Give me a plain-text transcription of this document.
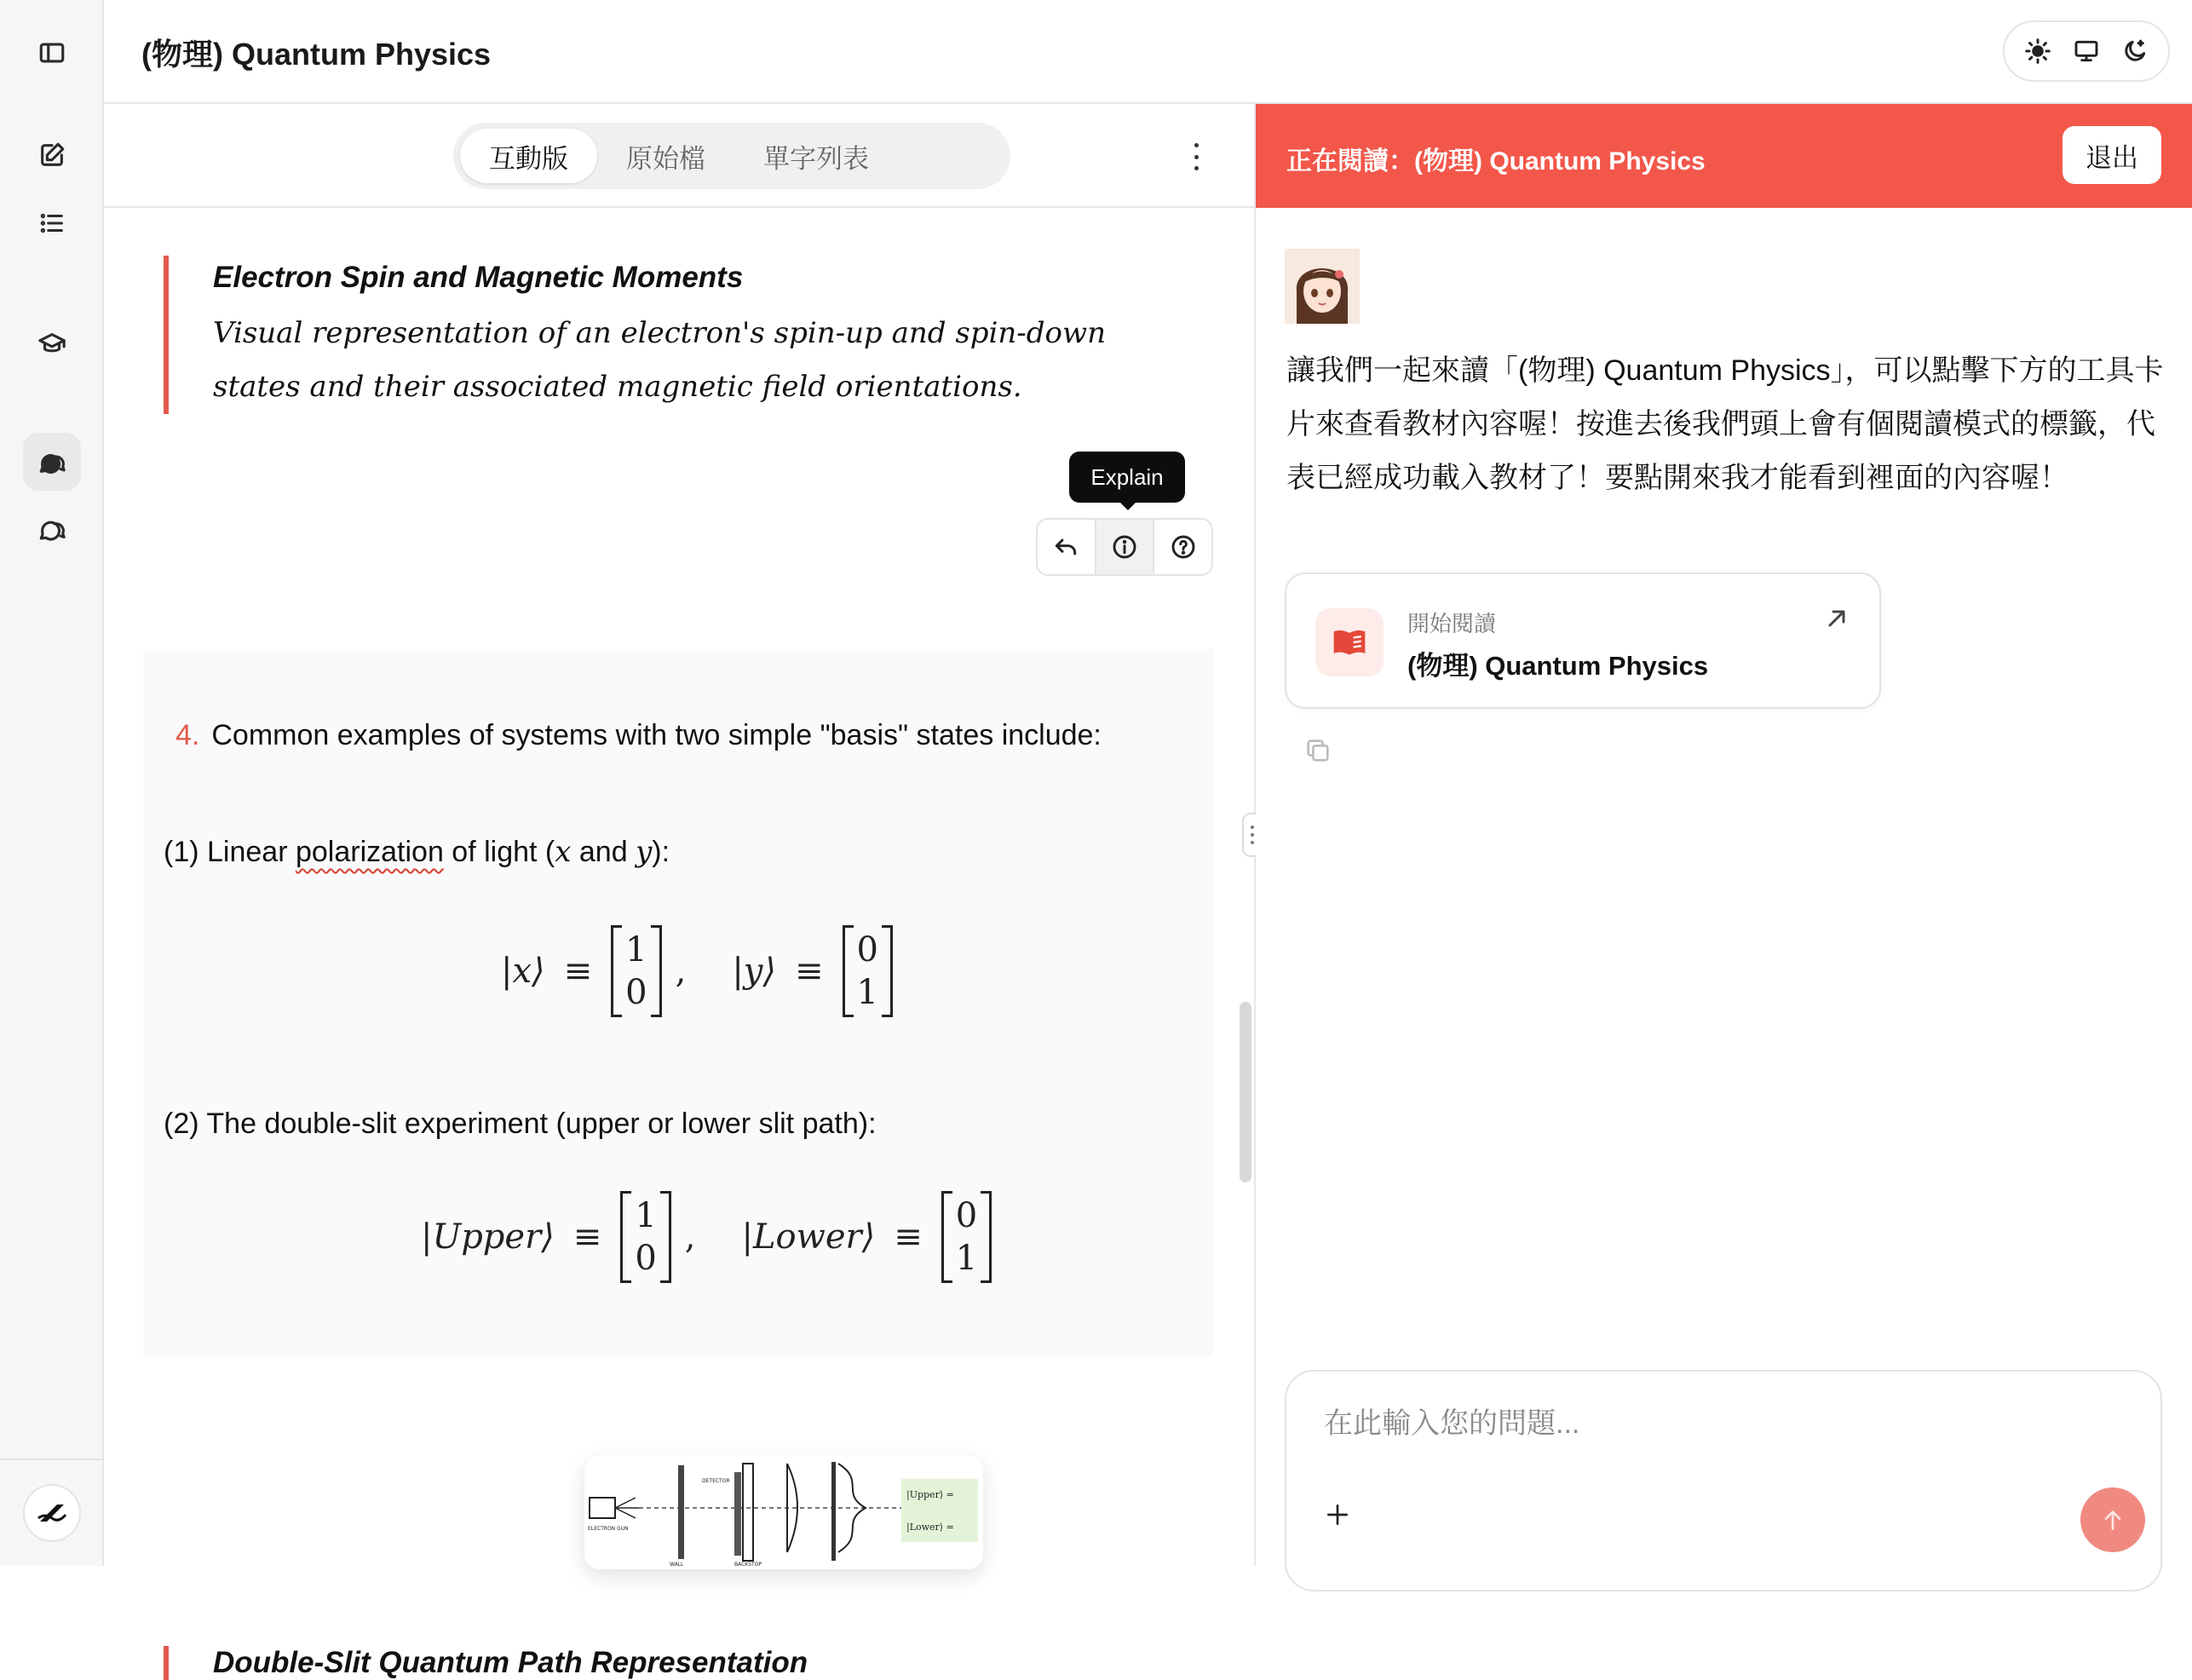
(物理) Quantum Physics
互動版	原始檔	單字列表
Electron Spin and Magnetic Moments
Visual representation of an electron's spin-up and spin-down states and their associated magnetic field orientations.
Explain
4. Common examples of systems with two simple "basis" states include:
(1) Linear polarization of light (x and y):
|x⟩ ≡
1
0
, |y⟩ ≡
0
1
(2) The double-slit experiment (upper or lower slit path):
|Upper⟩ ≡
1
0
, |Lower⟩ ≡
0
1
|Upper⟩ =
|Lower⟩ =
DETECTOR
ELECTRON GUN
WALL	BACKSTOP
Double-Slit Quantum Path Representation
正在閱讀：(物理) Quantum Physics	退出
讓我們一起來讀「(物理) Quantum Physics」，可以點擊下方的工具卡片來查看教材內容喔！按進去後我們頭上會有個閱讀模式的標籤，代表已經成功載入教材了！要點開來我才能看到裡面的內容喔！
開始閱讀
(物理) Quantum Physics
在此輸入您的問題...
